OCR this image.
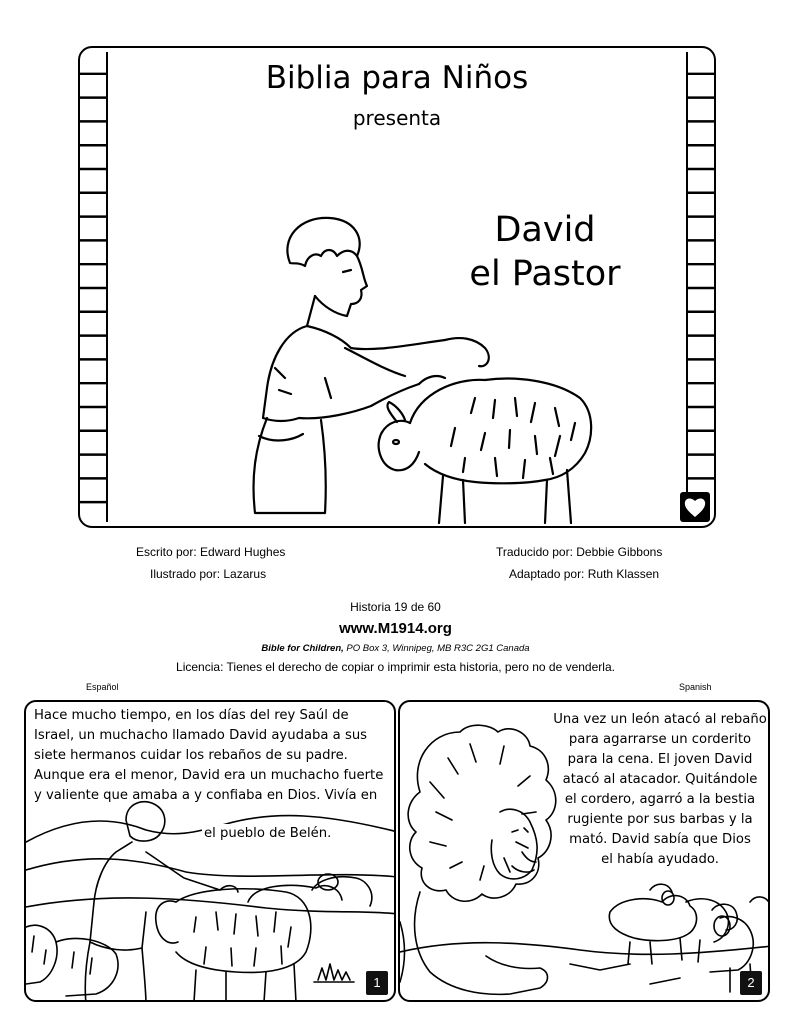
Biblia para Niños
presenta
David
el Pastor
Escrito por: Edward Hughes
Ilustrado por: Lazarus
Traducido por: Debbie Gibbons
Adaptado por: Ruth Klassen
Historia 19 de 60
www.M1914.org
Bible for Children, PO Box 3, Winnipeg, MB R3C 2G1 Canada
Licencia: Tienes el derecho de copiar o imprimir esta historia, pero no de venderla.
Español	Spanish
Hace mucho tiempo, en los días del rey Saúl de
Israel, un muchacho llamado David ayudaba a sus
siete hermanos cuidar los rebaños de su padre.
Aunque era el menor, David era un muchacho fuerte
y valiente que amaba a y confiaba en Dios. Vivía en
el pueblo de Belén.
1
Una vez un león atacó al rebaño
para agarrarse un corderito
para la cena. El joven David
atacó al atacador. Quitándole
el cordero, agarró a la bestia
rugiente por sus barbas y la
mató. David sabía que Dios
el había ayudado.
2
